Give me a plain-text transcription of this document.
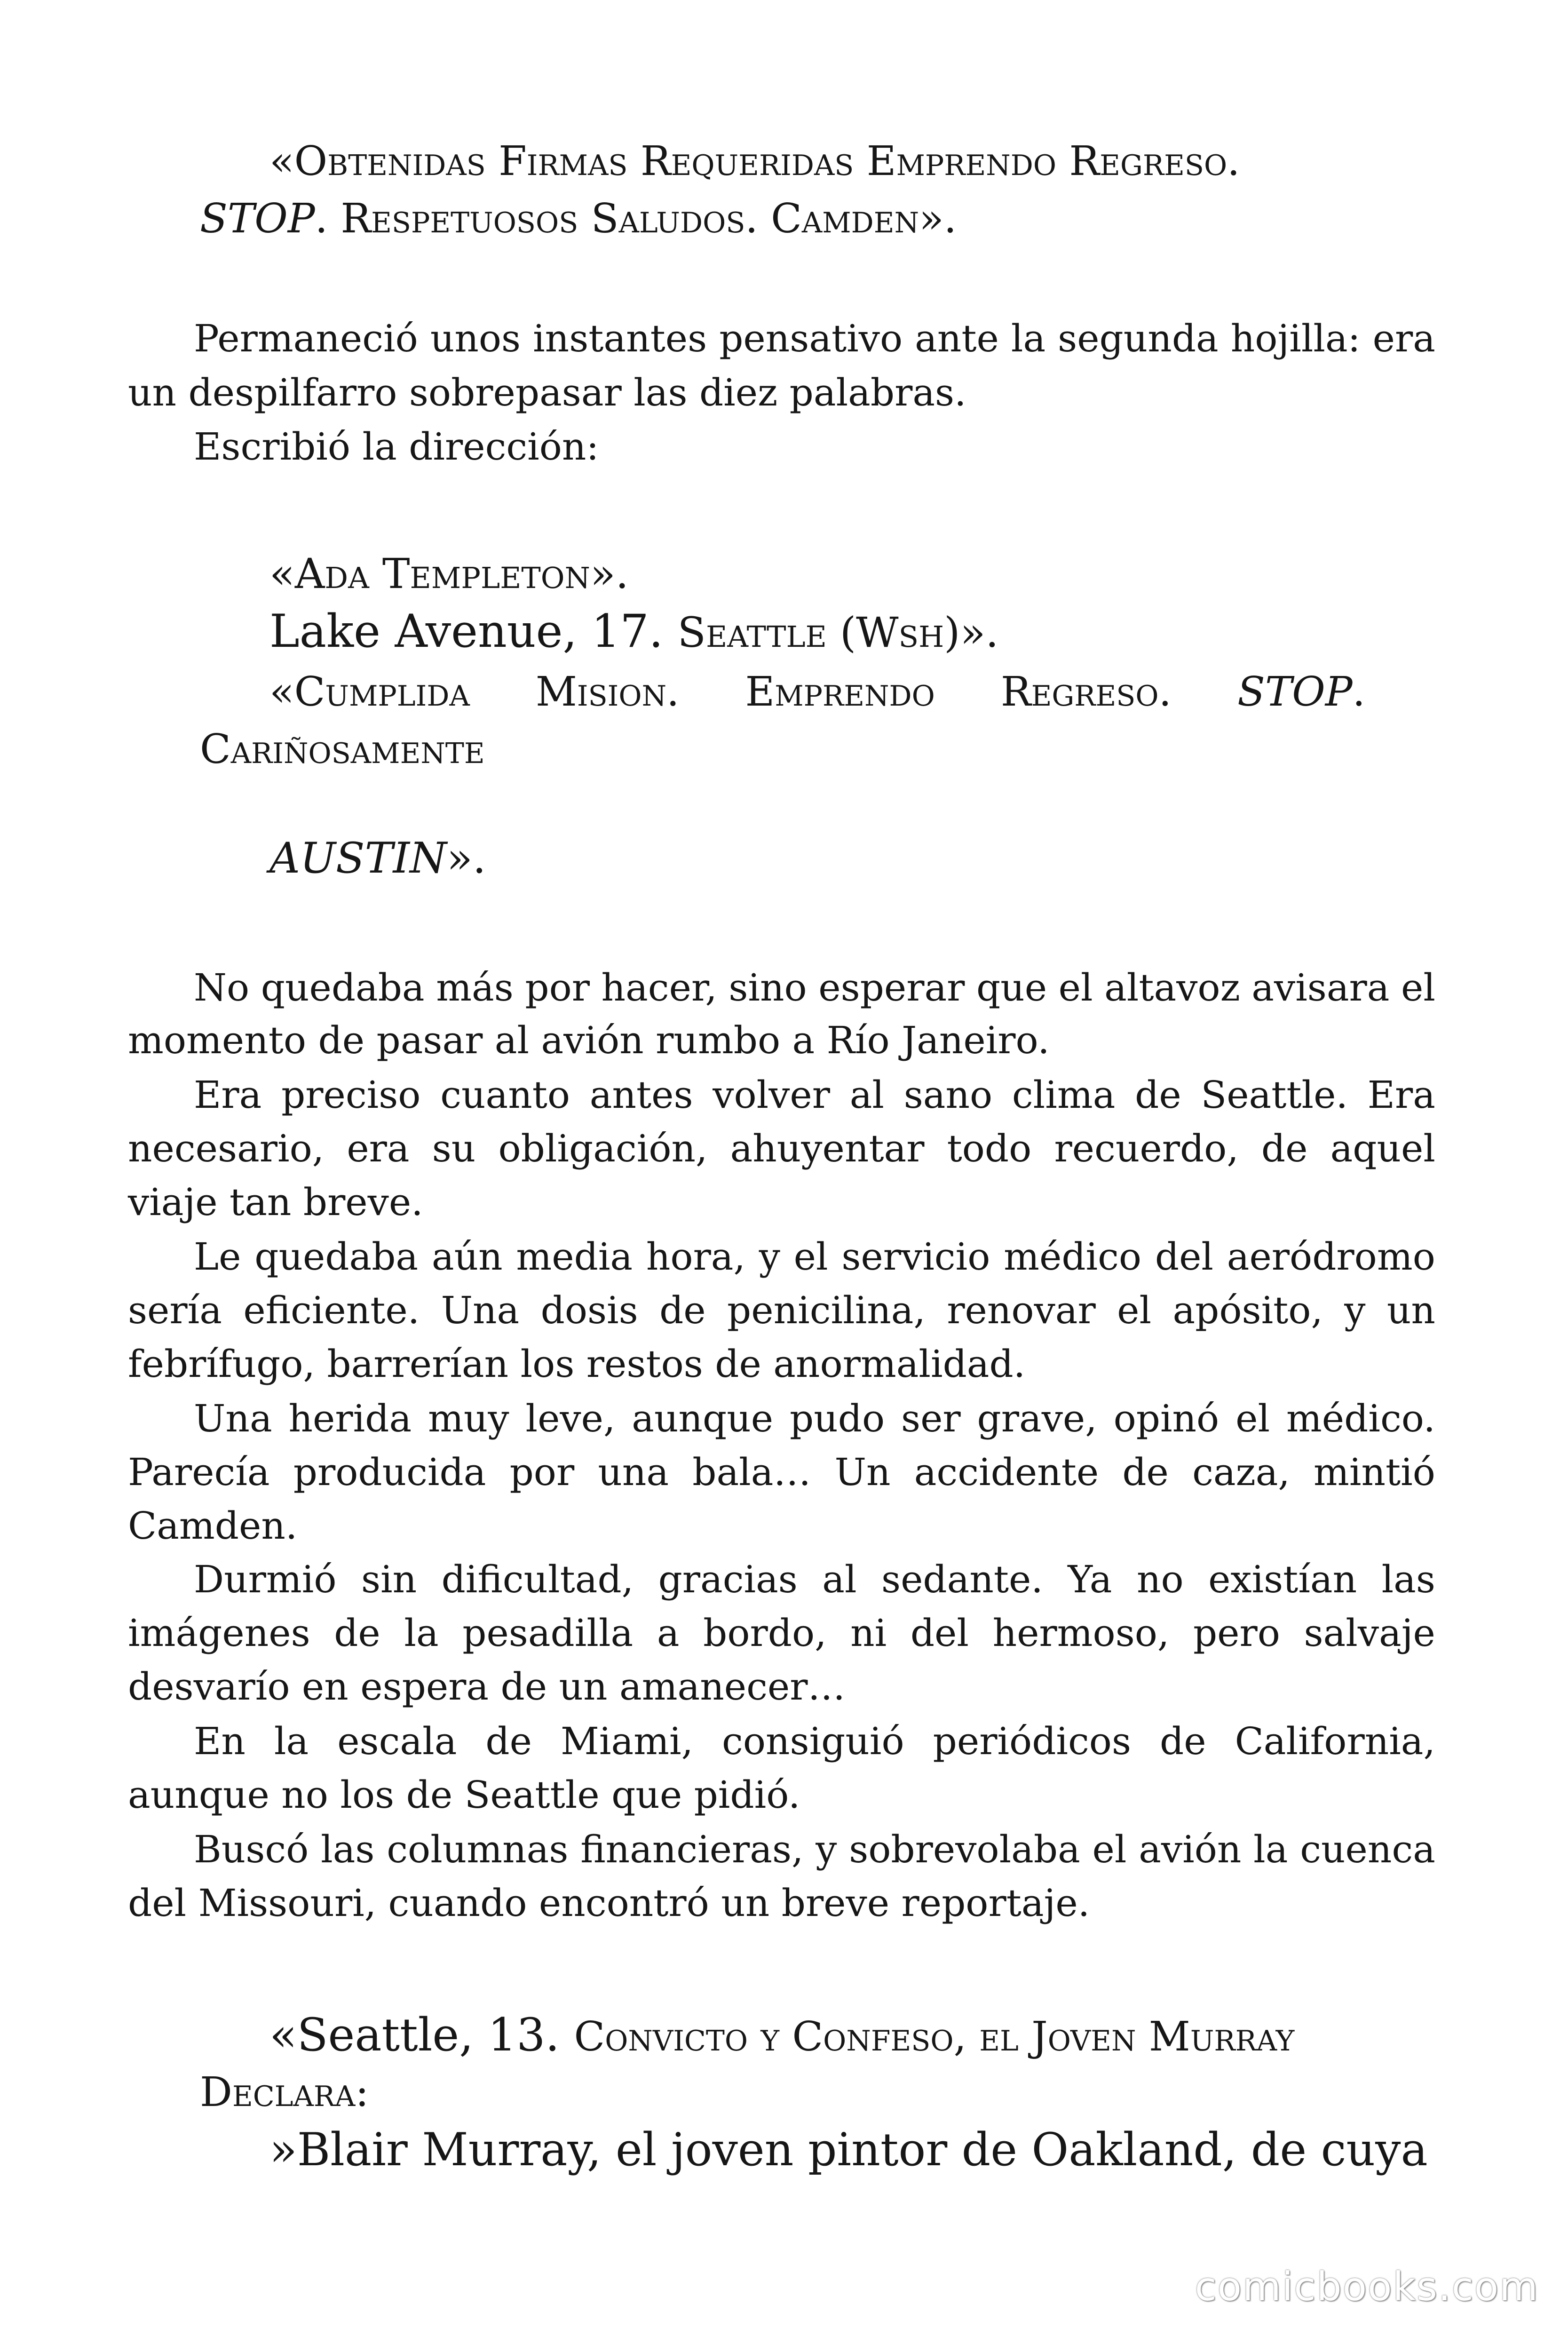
«Obtenidas Firmas Requeridas Emprendo Regreso.

STOP. Respetuosos Saludos. Camden».

Permaneció unos instantes pensativo ante la segunda hojilla: era

un despilfarro sobrepasar las diez palabras.

Escribió la dirección:

«Ada Templeton».

Lake Avenue, 17. Seattle (Wsh)».

«Cumplida Mision. Emprendo Regreso. STOP.

Cariñosamente

AUSTIN».

No quedaba más por hacer, sino esperar que el altavoz avisara el

momento de pasar al avión rumbo a Río Janeiro.

Era preciso cuanto antes volver al sano clima de Seattle. Era

necesario, era su obligación, ahuyentar todo recuerdo, de aquel

viaje tan breve.

Le quedaba aún media hora, y el servicio médico del aeródromo

sería eficiente. Una dosis de penicilina, renovar el apósito, y un

febrífugo, barrerían los restos de anormalidad.

Una herida muy leve, aunque pudo ser grave, opinó el médico.

Parecía producida por una bala… Un accidente de caza, mintió

Camden.

Durmió sin dificultad, gracias al sedante. Ya no existían las

imágenes de la pesadilla a bordo, ni del hermoso, pero salvaje

desvarío en espera de un amanecer…

En la escala de Miami, consiguió periódicos de California,

aunque no los de Seattle que pidió.

Buscó las columnas financieras, y sobrevolaba el avión la cuenca

del Missouri, cuando encontró un breve reportaje.

«Seattle, 13. Convicto y Confeso, el Joven Murray

Declara:

»Blair Murray, el joven pintor de Oakland, de cuya

comicbooks.com
